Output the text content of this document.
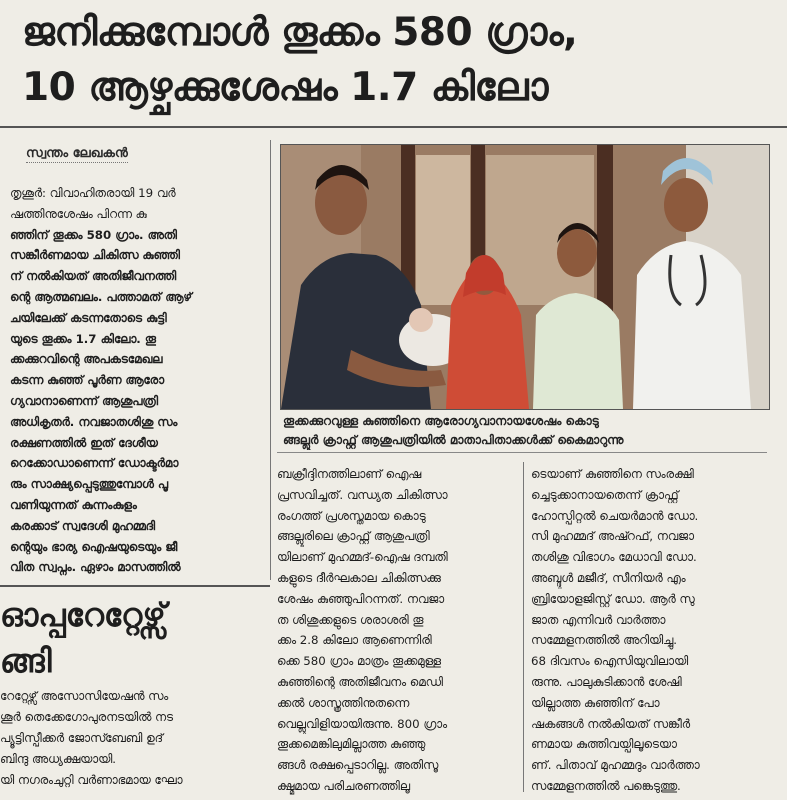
ജനിക്കുമ്പോൾ തൂക്കം 580 ഗ്രാം,
10 ആഴ്ചക്കുശേഷം 1.7 കിലോ
സ്വന്തം ലേഖകൻ
തൃശൂർ: വിവാഹിതരായി 19 വർ
ഷത്തിനുശേഷം പിറന്ന കു
ഞ്ഞിന് തൂക്കം 580 ഗ്രാം. അതി
സങ്കീർണമായ ചികിത്സ കുഞ്ഞി
ന് നൽകിയത് അതിജീവനത്തി
ന്റെ ആത്മബലം. പത്താമത് ആഴ്
ചയിലേക്ക് കടന്നതോടെ കുട്ടി
യുടെ തൂക്കം 1.7 കിലോ. തൂ
ക്കക്കുറവിന്റെ അപകടമേഖല
കടന്ന കുഞ്ഞ് പൂർണ ആരോ
ഗ്യവാനാണെന്ന് ആശുപത്രി
അധികൃതർ. നവജാതശിശു സം
രക്ഷണത്തിൽ ഇത് ദേശീയ
റെക്കോഡാണെന്ന് ഡോക്ടർമാ
രും സാക്ഷ്യപ്പെടുത്തുമ്പോൾ പൂ
വണിയുന്നത് കുന്നംകുളം
കരക്കാട് സ്വദേശി മുഹമ്മദി
ന്റെയും ഭാര്യ ഐഷയുടെയും ജീ
വിത സ്വപ്നം. ഏഴാം മാസത്തിൽ
തൂക്കക്കുറവുള്ള കുഞ്ഞിനെ ആരോഗ്യവാനായശേഷം കൊടു
ങ്ങല്ലൂർ ക്രാഫ്റ്റ് ആശുപത്രിയിൽ മാതാപിതാക്കൾക്ക് കൈമാറുന്നു
ബക്രീദ്ദിനത്തിലാണ് ഐഷ
പ്രസവിച്ചത്. വന്ധ്യത ചികിത്സാ
രംഗത്ത് പ്രശസ്തമായ കൊടു
ങ്ങല്ലൂരിലെ ക്രാഫ്റ്റ് ആശുപത്രി
യിലാണ് മുഹമ്മദ്-ഐഷ ദമ്പതി
കളുടെ ദീർഘകാല ചികിത്സക്കു
ശേഷം കുഞ്ഞുപിറന്നത്. നവജാ
ത ശിശുക്കളുടെ ശരാശരി തൂ
ക്കം 2.8 കിലോ ആണെന്നിരി
ക്കെ 580 ഗ്രാം മാത്രം തൂക്കമുള്ള
കുഞ്ഞിന്റെ അതിജീവനം മെഡി
ക്കൽ ശാസ്ത്രത്തിനുതന്നെ
വെല്ലുവിളിയായിരുന്നു. 800 ഗ്രാം
തൂക്കമെങ്കിലുമില്ലാത്ത കുഞ്ഞു
ങ്ങൾ രക്ഷപ്പെടാറില്ല. അതിസൂ
ക്ഷ്മമായ പരിചരണത്തിലൂ
ടെയാണ് കുഞ്ഞിനെ സംരക്ഷി
ച്ചെടുക്കാനായതെന്ന് ക്രാഫ്റ്റ്
ഹോസ്പിറ്റൽ ചെയർമാൻ ഡോ.
സി മുഹമ്മദ് അഷ്റഫ്, നവജാ
തശിശു വിഭാഗം മേധാവി ഡോ.
അബ്ദുൾ മജീദ്, സീനിയർ എം
ബ്രിയോളജിസ്റ്റ് ഡോ. ആർ സു
ജാത എന്നിവർ വാർത്താ
സമ്മേളനത്തിൽ അറിയിച്ചു.
68 ദിവസം ഐസിയുവിലായി
രുന്നു. പാലുകുടിക്കാൻ ശേഷി
യില്ലാത്ത കുഞ്ഞിന് പോ
ഷകങ്ങൾ നൽകിയത് സങ്കീർ
ണമായ കുത്തിവയ്പിലൂടെയാ
ണ്. പിതാവ് മുഹമ്മദും വാർത്താ
സമ്മേളനത്തിൽ പങ്കെടുത്തു.
ഓപ്പറേറ്റേഴ്സ്
ങ്ങി
റേറ്റേഴ്സ് അസോസിയേഷൻ സം
ശൂർ തെക്കേഗോപുരനടയിൽ നട
പ്യൂട്ടിസ്പീക്കർ ജോസ്ബേബി ഉദ്
ബിന്ദു അധ്യക്ഷയായി.
യി നഗരംചുറ്റി വർണാഭമായ ഘോ
